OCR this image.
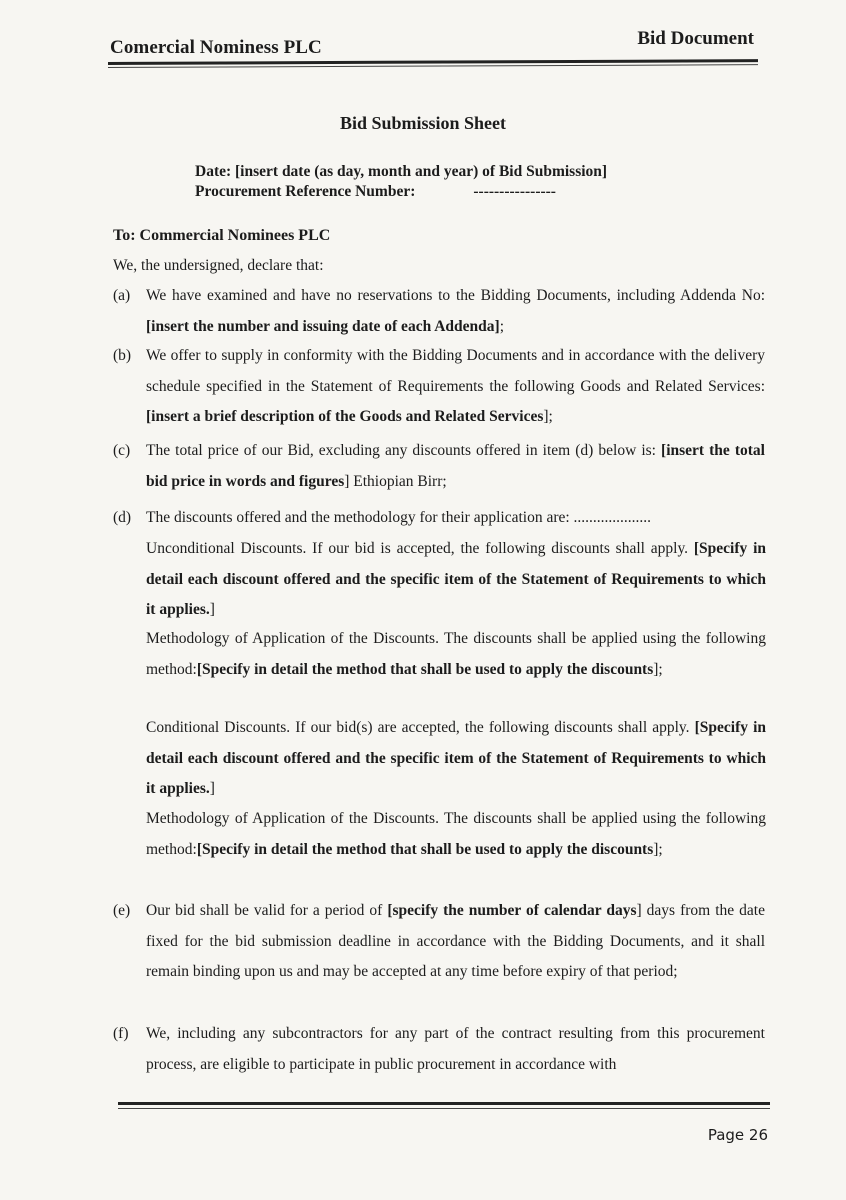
Comercial Nominess PLC	Bid Document
Bid Submission Sheet
Date: [insert date (as day, month and year) of Bid Submission]
Procurement Reference Number:	----------------
To: Commercial Nominees PLC
We, the undersigned, declare that:
(a) We have examined and have no reservations to the Bidding Documents, including Addenda No: [insert the number and issuing date of each Addenda];
(b) We offer to supply in conformity with the Bidding Documents and in accordance with the delivery schedule specified in the Statement of Requirements the following Goods and Related Services: [insert a brief description of the Goods and Related Services];
(c) The total price of our Bid, excluding any discounts offered in item (d) below is: [insert the total bid price in words and figures] Ethiopian Birr;
(d) The discounts offered and the methodology for their application are: ....................
Unconditional Discounts. If our bid is accepted, the following discounts shall apply. [Specify in detail each discount offered and the specific item of the Statement of Requirements to which it applies.]
Methodology of Application of the Discounts. The discounts shall be applied using the following method:[Specify in detail the method that shall be used to apply the discounts];
Conditional Discounts. If our bid(s) are accepted, the following discounts shall apply. [Specify in detail each discount offered and the specific item of the Statement of Requirements to which it applies.]
Methodology of Application of the Discounts. The discounts shall be applied using the following method:[Specify in detail the method that shall be used to apply the discounts];
(e) Our bid shall be valid for a period of [specify the number of calendar days] days from the date fixed for the bid submission deadline in accordance with the Bidding Documents, and it shall remain binding upon us and may be accepted at any time before expiry of that period;
(f) We, including any subcontractors for any part of the contract resulting from this procurement process, are eligible to participate in public procurement in accordance with
Page 26
